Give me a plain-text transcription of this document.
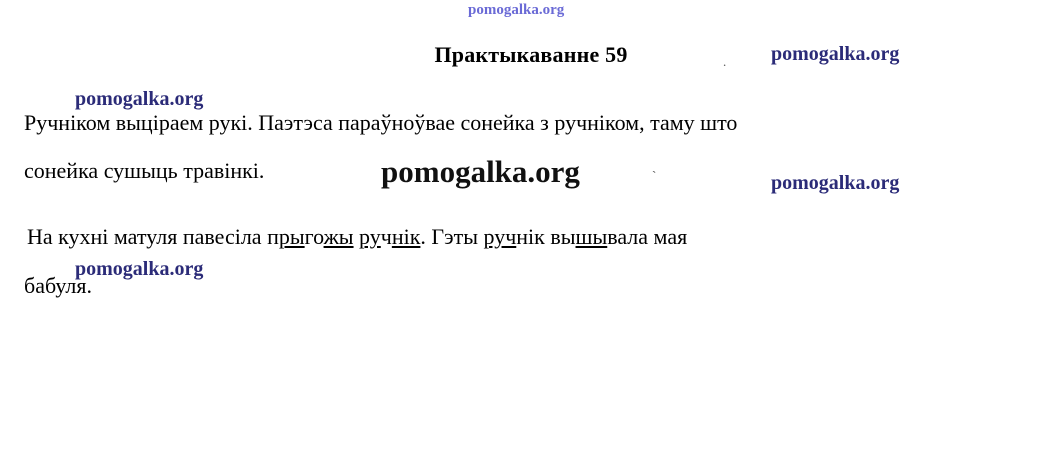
pomogalka.org
Практыкаванне 59	. pomogalka.org
pomogalka.org
Ручніком выціраем рукі. Паэтэса параўноўвае сонейка з ручніком, таму што
сонейка сушыць травінкі.	pomogalka.org	`	pomogalka.org
На кухні матуля павесіла прыгожы ручнік. Гэты ручнік вышывала мая
pomogalka.org
бабуля.
